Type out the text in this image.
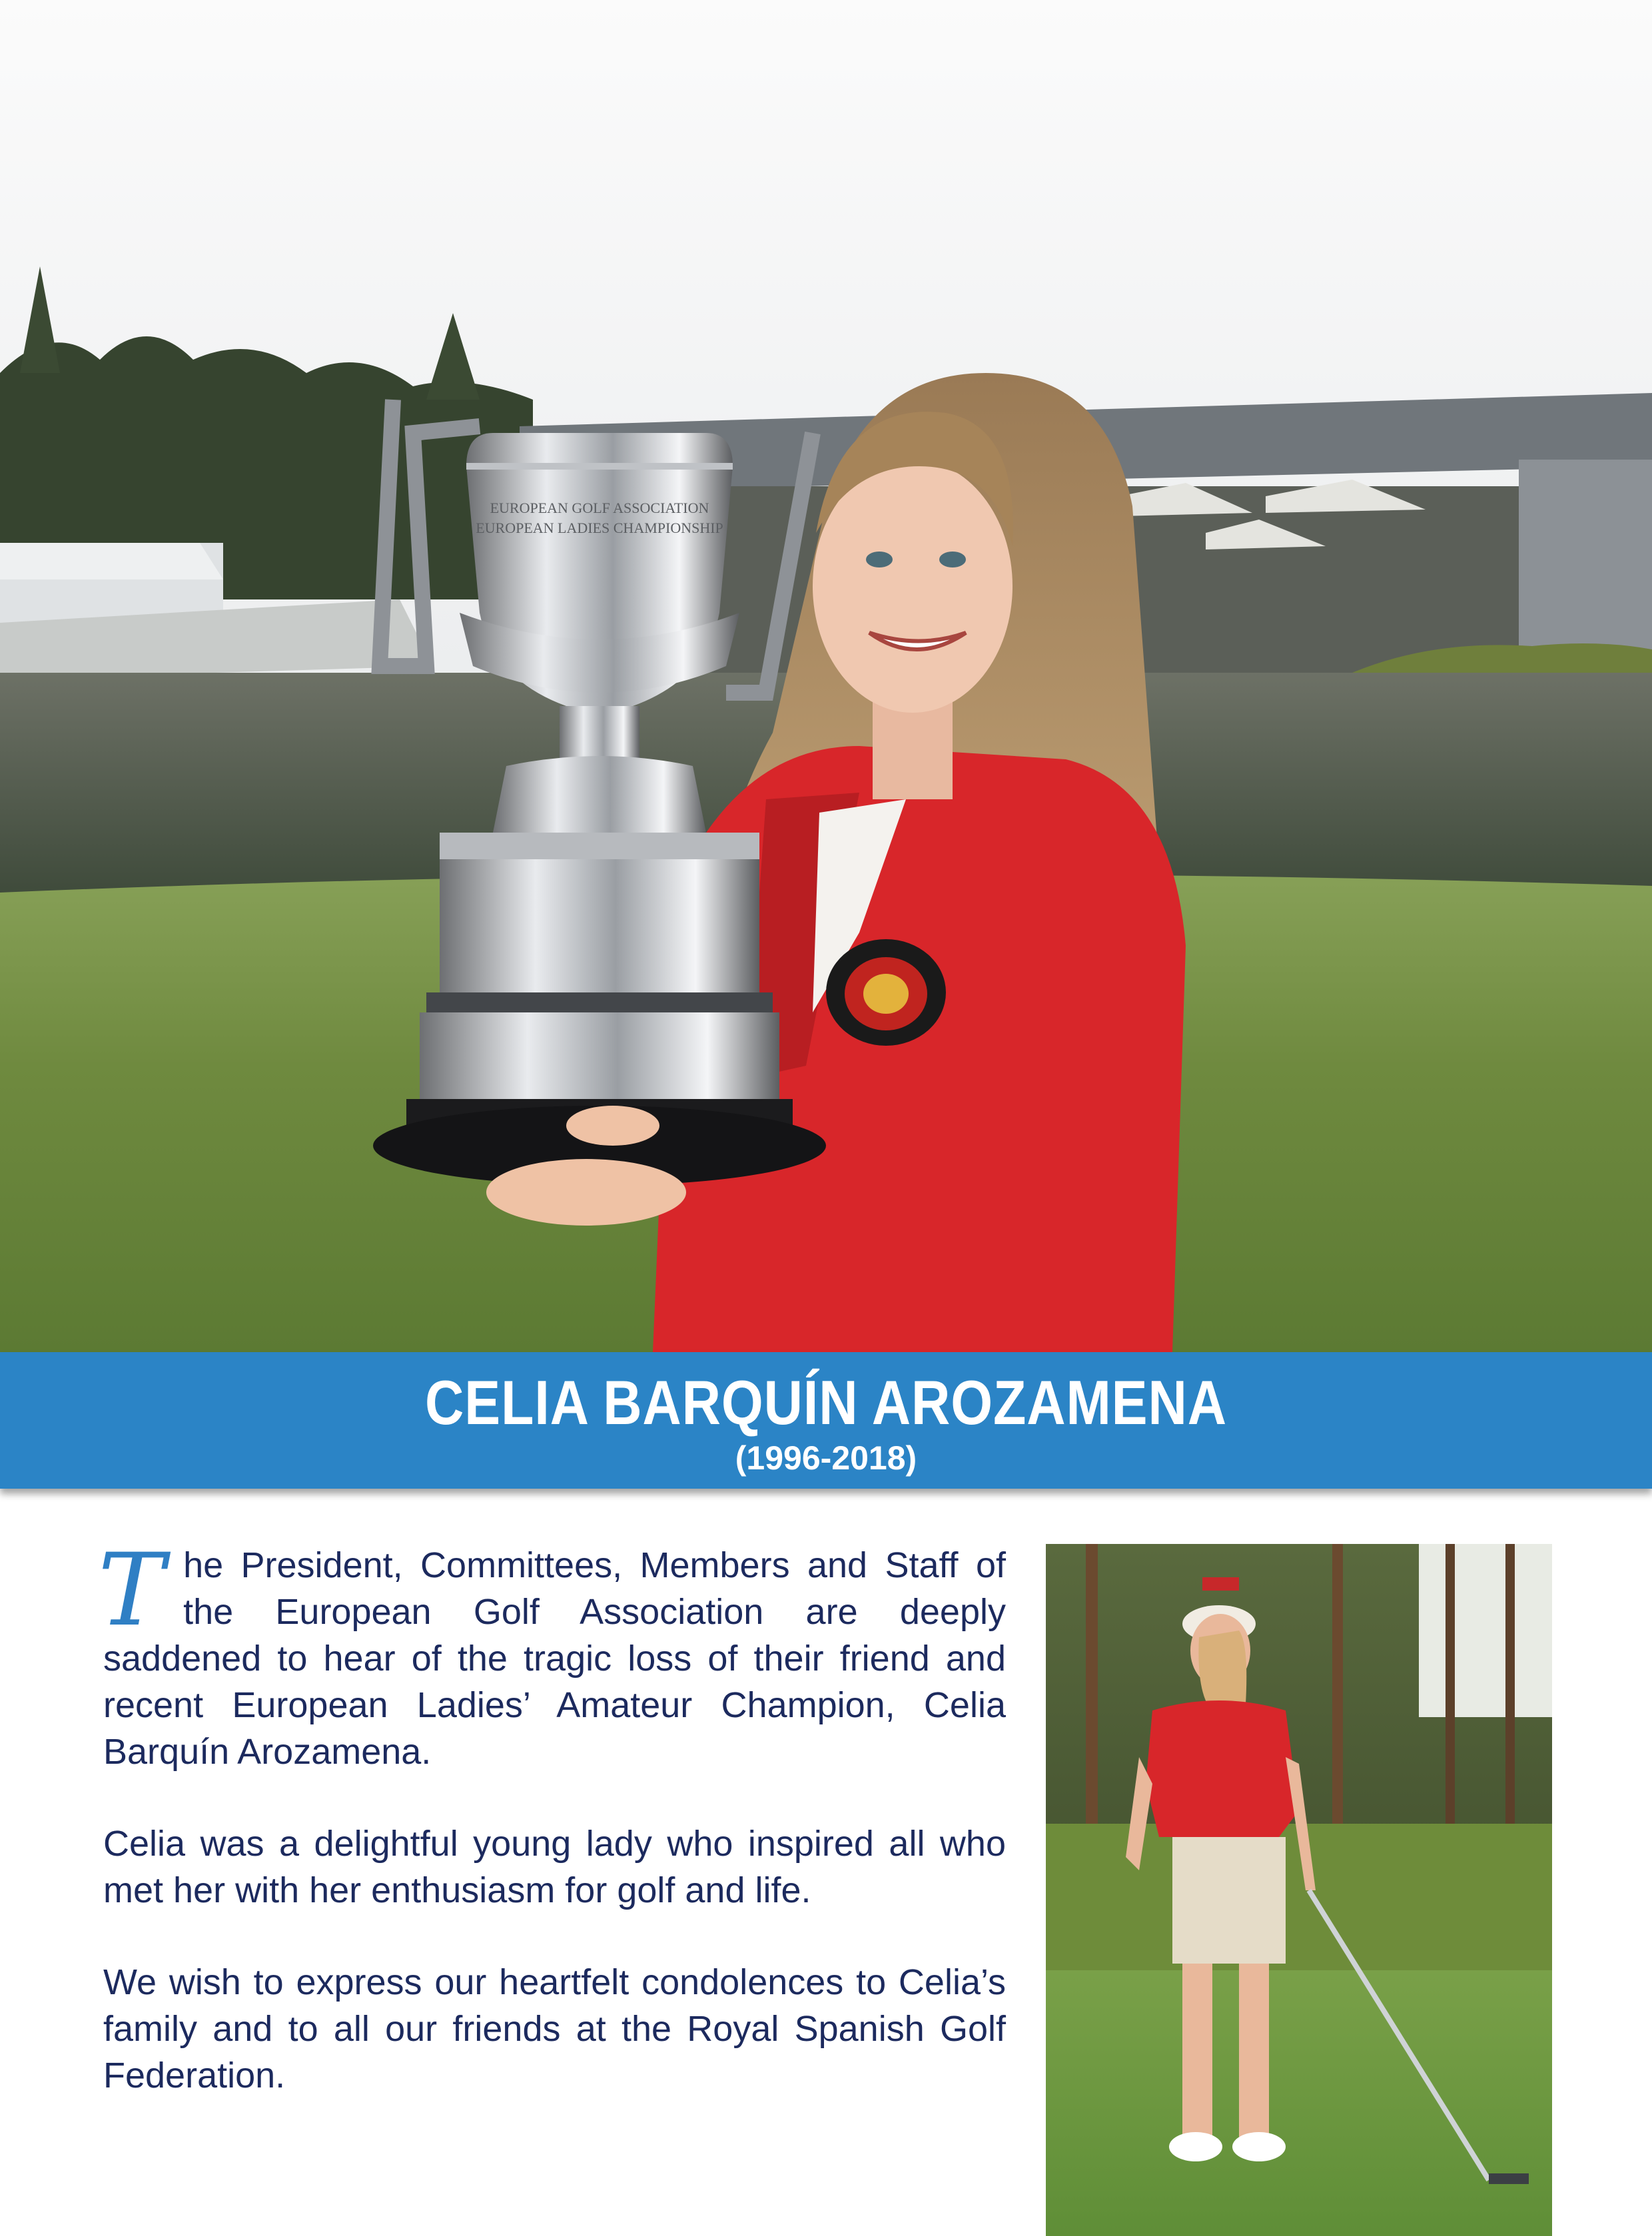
EUROPEAN GOLF ASSOCIATION
EUROPEAN LADIES CHAMPIONSHIP
CELIA BARQUÍN AROZAMENA
(1996-2018)

The President, Committees, Members and Staff of the European Golf Association are deeply saddened to hear of the tragic loss of their friend and recent European Ladies’ Amateur Champion, Celia Barquín Arozamena.

Celia was a delightful young lady who inspired all who met her with her enthusiasm for golf and life.

We wish to express our heartfelt condolences to Celia’s family and to all our friends at the Royal Spanish Golf Federation.
